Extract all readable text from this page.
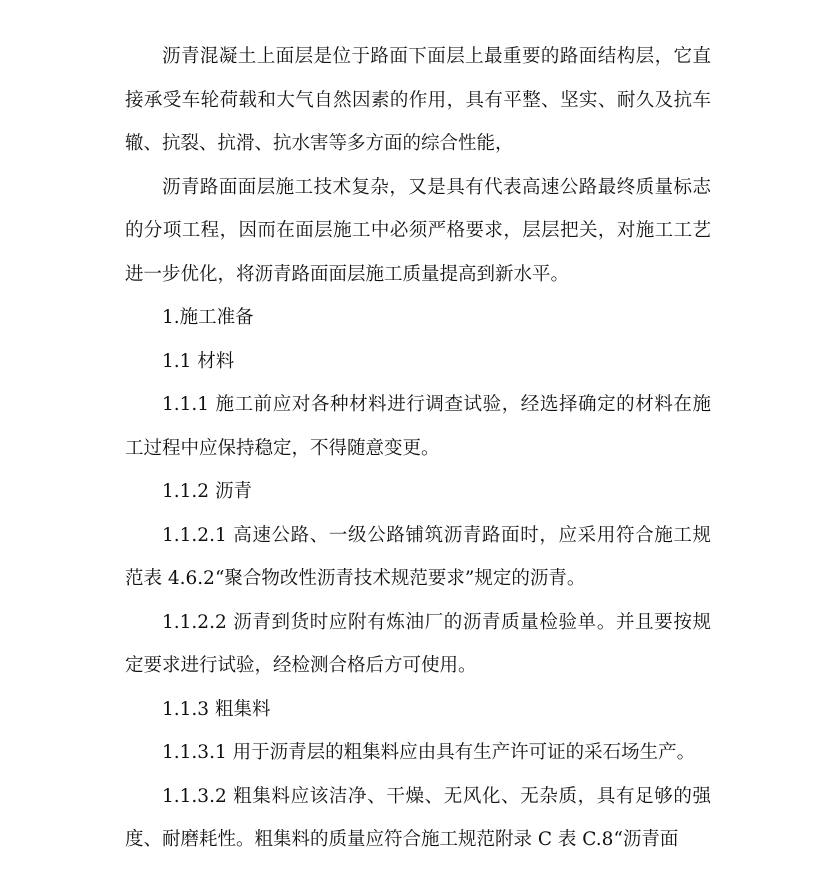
沥青混凝土上面层是位于路面下面层上最重要的路面结构层，它直接承受车轮荷载和大气自然因素的作用，具有平整、坚实、耐久及抗车辙、抗裂、抗滑、抗水害等多方面的综合性能，

沥青路面面层施工技术复杂，又是具有代表高速公路最终质量标志的分项工程，因而在面层施工中必须严格要求，层层把关，对施工工艺进一步优化，将沥青路面面层施工质量提高到新水平。

1.施工准备

1.1 材料

1.1.1 施工前应对各种材料进行调查试验，经选择确定的材料在施工过程中应保持稳定，不得随意变更。

1.1.2 沥青

1.1.2.1 高速公路、一级公路铺筑沥青路面时，应采用符合施工规范表 4.6.2“聚合物改性沥青技术规范要求”规定的沥青。

1.1.2.2 沥青到货时应附有炼油厂的沥青质量检验单。并且要按规定要求进行试验，经检测合格后方可使用。

1.1.3 粗集料

1.1.3.1 用于沥青层的粗集料应由具有生产许可证的采石场生产。

1.1.3.2 粗集料应该洁净、干燥、无风化、无杂质，具有足够的强度、耐磨耗性。粗集料的质量应符合施工规范附录 C 表 C.8“沥青面
